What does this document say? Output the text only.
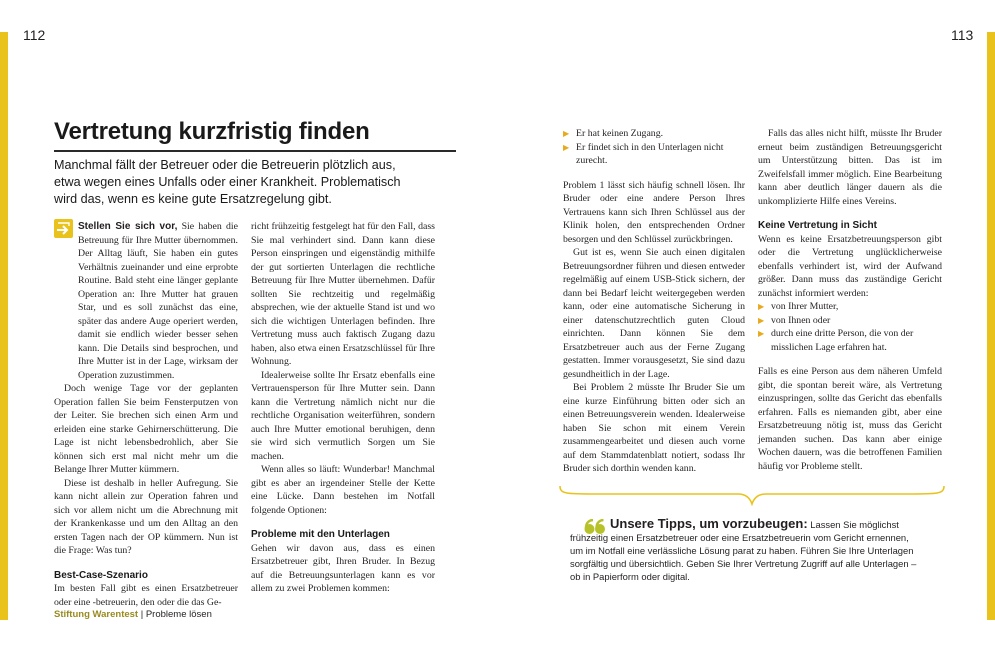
112	113
Vertretung kurzfristig finden

Manchmal fällt der Betreuer oder die Betreuerin plötzlich aus, etwa wegen eines Unfalls oder einer Krankheit. Problematisch wird das, wenn es keine gute Ersatzregelung gibt.

Stellen Sie sich vor, Sie haben die Betreuung für Ihre Mutter übernommen. Der Alltag läuft, Sie haben ein gutes Verhältnis zueinander und eine erprobte Routine. Bald steht eine länger geplante Operation an: Ihre Mutter hat grauen Star, und es soll zunächst das eine, später das andere Auge operiert werden, damit sie endlich wieder besser sehen kann. Die Details sind besprochen, und Ihre Mutter ist in der Lage, wirksam der Operation zuzustimmen.

Doch wenige Tage vor der geplanten Operation fallen Sie beim Fensterputzen von der Leiter. Sie brechen sich einen Arm und erleiden eine starke Gehirnerschütterung. Die Lage ist nicht lebensbedrohlich, aber Sie können sich erst mal nicht mehr um die Belange Ihrer Mutter kümmern.

Diese ist deshalb in heller Aufregung. Sie kann nicht allein zur Operation fahren und sich vor allem nicht um die Abrechnung mit der Krankenkasse und um den Alltag an den ersten Tagen nach der OP kümmern. Nun ist die Frage: Was tun?

Best-Case-Szenario

Im besten Fall gibt es einen Ersatzbetreuer oder eine -betreuerin, den oder die das Ge-

richt frühzeitig festgelegt hat für den Fall, dass Sie mal verhindert sind. Dann kann diese Person einspringen und eigenständig mithilfe der gut sortierten Unterlagen die rechtliche Betreuung für Ihre Mutter übernehmen. Dafür sollten Sie rechtzeitig und regelmäßig absprechen, wie der aktuelle Stand ist und wo sich die wichtigen Unterlagen befinden. Ihre Vertretung muss auch faktisch Zugang dazu haben, also etwa einen Ersatzschlüssel für Ihre Wohnung.

Idealerweise sollte Ihr Ersatz ebenfalls eine Vertrauensperson für Ihre Mutter sein. Dann kann die Vertretung nämlich nicht nur die rechtliche Organisation weiterführen, sondern auch Ihre Mutter emotional beruhigen, denn sie wird sich vermutlich Sorgen um Sie machen.

Wenn alles so läuft: Wunderbar! Manchmal gibt es aber an irgendeiner Stelle der Kette eine Lücke. Dann bestehen im Notfall folgende Optionen:

Probleme mit den Unterlagen

Gehen wir davon aus, dass es einen Ersatzbetreuer gibt, Ihren Bruder. In Bezug auf die Betreuungsunterlagen kann es vor allem zu zwei Problemen kommen:

▶ Er hat keinen Zugang.
▶ Er findet sich in den Unterlagen nicht zurecht.

Problem 1 lässt sich häufig schnell lösen. Ihr Bruder oder eine andere Person Ihres Vertrauens kann sich Ihren Schlüssel aus der Klinik holen, den entsprechenden Ordner besorgen und den Schlüssel zurückbringen.

Gut ist es, wenn Sie auch einen digitalen Betreuungsordner führen und diesen entweder regelmäßig auf einem USB-Stick sichern, der dann bei Bedarf leicht weitergegeben werden kann, oder eine automatische Sicherung in einer datenschutzrechtlich guten Cloud einrichten. Dann können Sie dem Ersatzbetreuer auch aus der Ferne Zugang gestatten. Immer vorausgesetzt, Sie sind dazu gesundheitlich in der Lage.

Bei Problem 2 müsste Ihr Bruder Sie um eine kurze Einführung bitten oder sich an einen Betreuungsverein wenden. Idealerweise haben Sie schon mit einem Verein zusammengearbeitet und diesen auch vorne auf dem Stammdatenblatt notiert, sodass Ihr Bruder sich dorthin wenden kann.

Falls das alles nicht hilft, müsste Ihr Bruder erneut beim zuständigen Betreuungsgericht um Unterstützung bitten. Das ist im Zweifelsfall immer möglich. Eine Bearbeitung kann aber deutlich länger dauern als die unkomplizierte Hilfe eines Vereins.

Keine Vertretung in Sicht

Wenn es keine Ersatzbetreuungsperson gibt oder die Vertretung unglücklicherweise ebenfalls verhindert ist, wird der Aufwand größer. Dann muss das zuständige Gericht zunächst informiert werden:

▶ von Ihrer Mutter,
▶ von Ihnen oder
▶ durch eine dritte Person, die von der misslichen Lage erfahren hat.

Falls es eine Person aus dem näheren Umfeld gibt, die spontan bereit wäre, als Vertretung einzuspringen, sollte das Gericht das ebenfalls erfahren. Falls es niemanden gibt, aber eine Ersatzbetreuung nötig ist, muss das Gericht jemanden suchen. Das kann aber einige Wochen dauern, was die betroffenen Familien häufig vor Probleme stellt.

Unsere Tipps, um vorzubeugen: Lassen Sie möglichst frühzeitig einen Ersatzbetreuer oder eine Ersatzbetreuerin vom Gericht ernennen, um im Notfall eine verlässliche Lösung parat zu haben. Führen Sie Ihre Unterlagen sorgfältig und übersichtlich. Geben Sie Ihrer Vertretung Zugriff auf alle Unterlagen – ob in Papierform oder digital.

Stiftung Warentest | Probleme lösen
